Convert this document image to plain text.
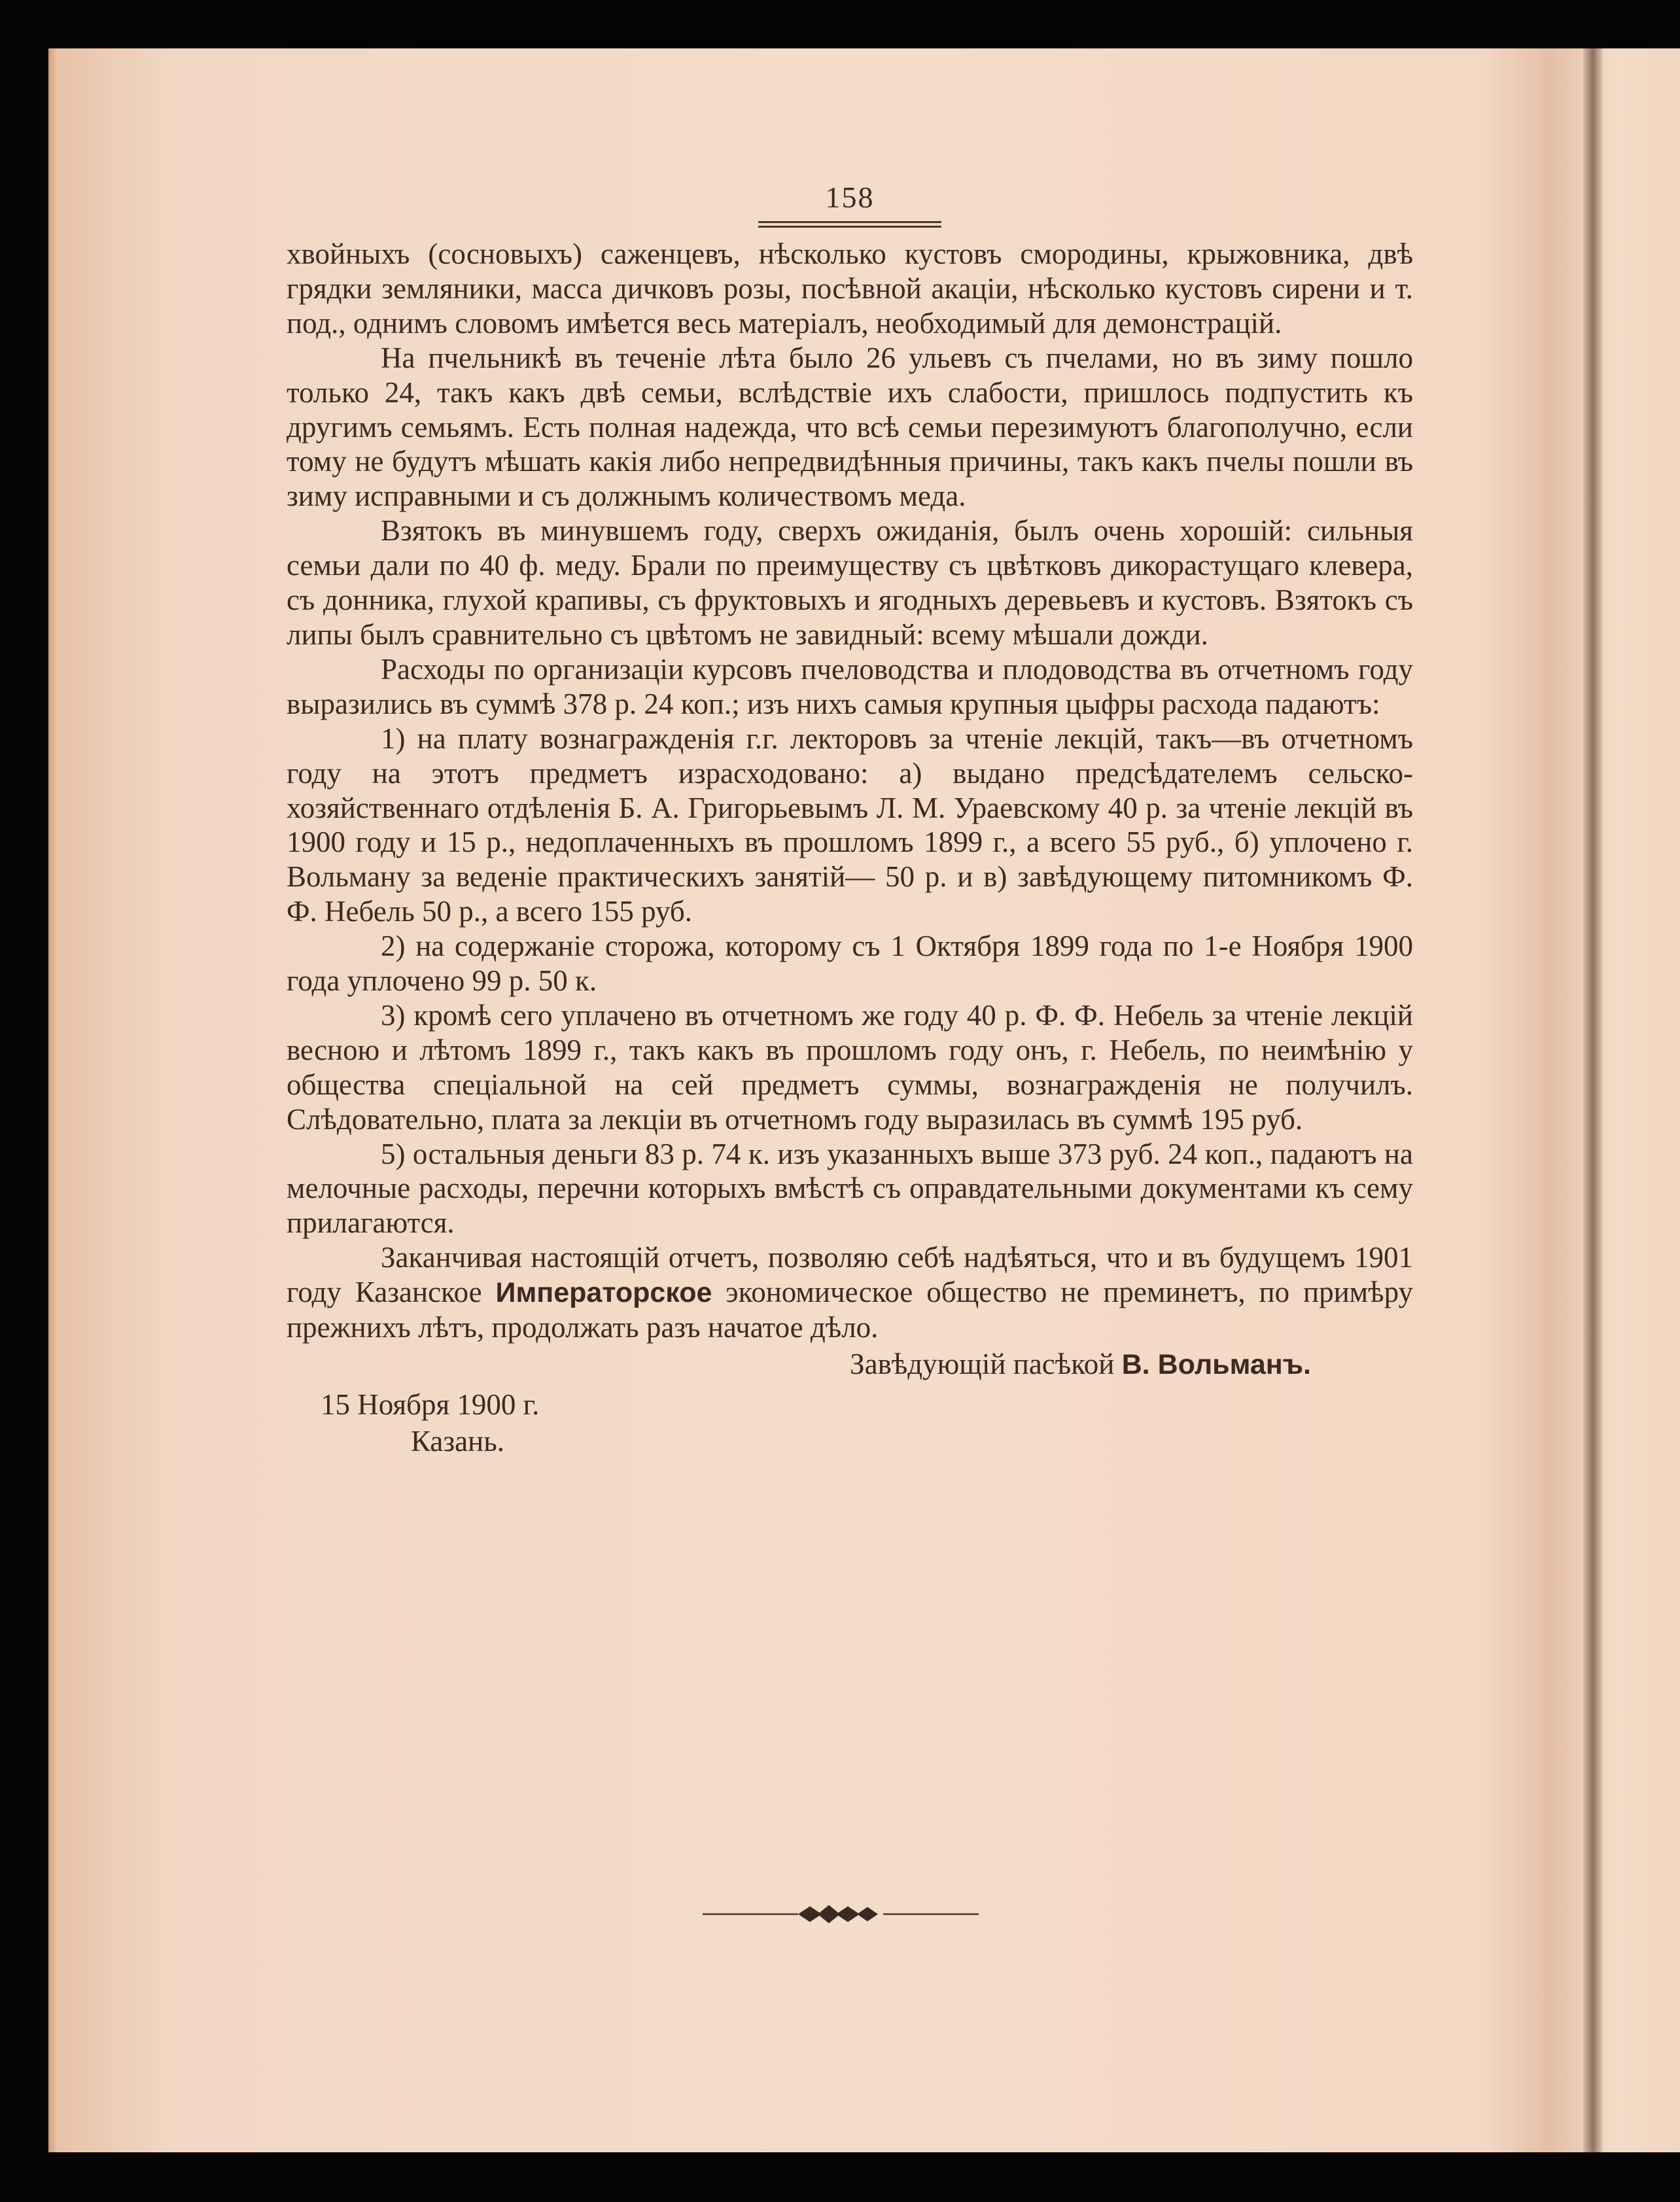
158

хвойныхъ (сосновыхъ) саженцевъ, нѣсколько кустовъ смородины, крыжовника, двѣ грядки земляники, масса дичковъ розы, посѣвной акаціи, нѣсколько кустовъ сирени и т. под., однимъ словомъ имѣется весь матеріалъ, необходимый для демонстрацій.

На пчельникѣ въ теченіе лѣта было 26 ульевъ съ пчелами, но въ зиму пошло только 24, такъ какъ двѣ семьи, вслѣдствіе ихъ слабости, пришлось подпустить къ другимъ семьямъ. Есть полная надежда, что всѣ семьи перезимуютъ благополучно, если тому не будутъ мѣшать какія либо непредвидѣнныя причины, такъ какъ пчелы пошли въ зиму исправными и съ должнымъ количествомъ меда.

Взятокъ въ минувшемъ году, сверхъ ожиданія, былъ очень хорошій: сильныя семьи дали по 40 ф. меду. Брали по преимуществу съ цвѣтковъ дикорастущаго клевера, съ донника, глухой крапивы, съ фруктовыхъ и ягодныхъ деревьевъ и кустовъ. Взятокъ съ липы былъ сравнительно съ цвѣтомъ не завидный: всему мѣшали дожди.

Расходы по организаціи курсовъ пчеловодства и плодоводства въ отчетномъ году выразились въ суммѣ 378 р. 24 коп.; изъ нихъ самыя крупныя цыфры расхода падаютъ:

1) на плату вознагражденія г.г. лекторовъ за чтеніе лекцій, такъ—въ отчетномъ году на этотъ предметъ израсходовано: а) выдано предсѣдателемъ сельско-хозяйственнаго отдѣленія Б. А. Григорьевымъ Л. М. Ураевскому 40 р. за чтеніе лекцій въ 1900 году и 15 р., недоплаченныхъ въ прошломъ 1899 г., а всего 55 руб., б) уплочено г. Вольману за веденіе практическихъ занятій— 50 р. и в) завѣдующему питомникомъ Ф. Ф. Небель 50 р., а всего 155 руб.

2) на содержаніе сторожа, которому съ 1 Октября 1899 года по 1-е Ноября 1900 года уплочено 99 р. 50 к.

3) кромѣ сего уплачено въ отчетномъ же году 40 р. Ф. Ф. Небель за чтеніе лекцій весною и лѣтомъ 1899 г., такъ какъ въ прошломъ году онъ, г. Небель, по неимѣнію у общества спеціальной на сей предметъ суммы, вознагражденія не получилъ. Слѣдовательно, плата за лекціи въ отчетномъ году выразилась въ суммѣ 195 руб.

5) остальныя деньги 83 р. 74 к. изъ указанныхъ выше 373 руб. 24 коп., падаютъ на мелочные расходы, перечни которыхъ вмѣстѣ съ оправдательными документами къ сему прилагаются.

Заканчивая настоящій отчетъ, позволяю себѣ надѣяться, что и въ будущемъ 1901 году Казанское Императорское экономическое общество не преминетъ, по примѣру прежнихъ лѣтъ, продолжать разъ начатое дѣло.

Завѣдующій пасѣкой В. Вольманъ.

15 Ноября 1900 г.
Казань.
